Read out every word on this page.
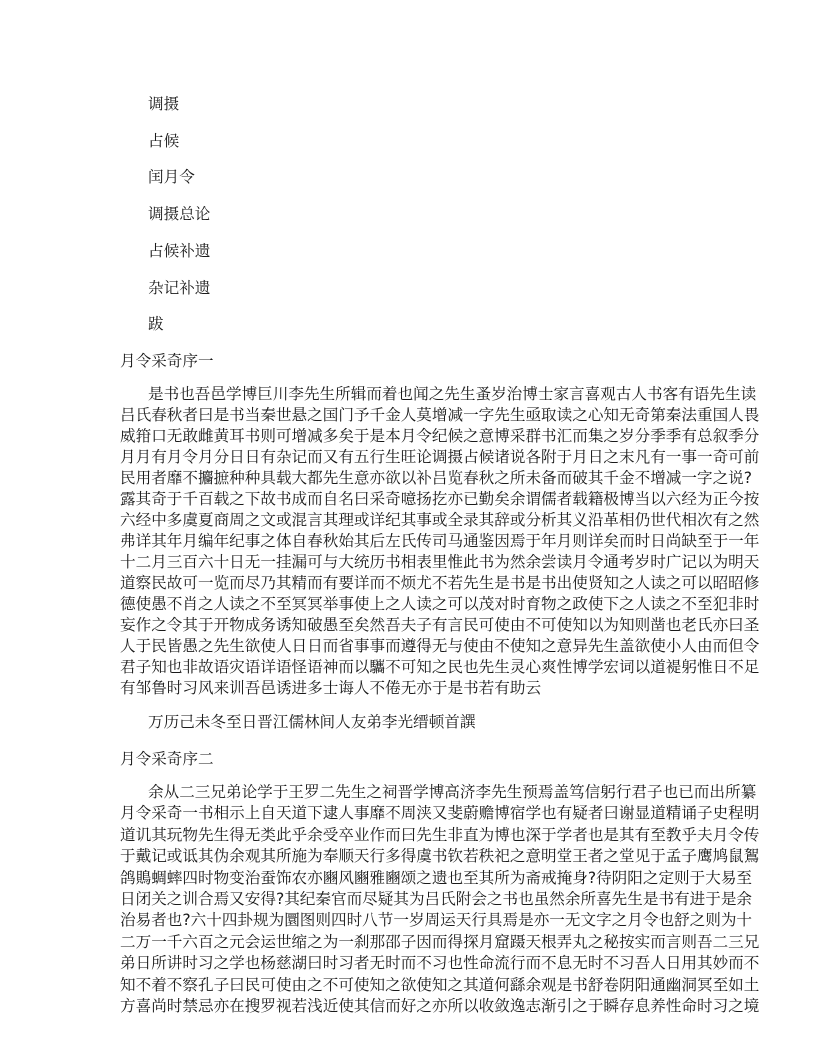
调摄
占候
闰月令
调摄总论
占候补遗
杂记补遗
跋
月令采奇序一
是书也吾邑学博巨川李先生所辑而着也闻之先生蚤岁治博士家言喜观古人书客有语先生读
吕氏春秋者曰是书当秦世悬之国门予千金人莫增减一字先生亟取读之心知无奇第秦法重国人畏
威箝口无敢雌黄耳书则可增减多矣于是本月令纪候之意博采群书汇而集之岁分季季有总叙季分
月月有月令月分日日有杂记而又有五行生旺论调摄占候诸说各附于月日之末凡有一事一奇可前
民用者靡不攟摭种种具载大都先生意亦欲以补吕览春秋之所未备而破其千金不增减一字之说?
露其奇于千百载之下故书成而自名曰采奇噫扬扢亦已勤矣余谓儒者载籍极博当以六经为正今按
六经中多虞夏商周之文或混言其理或详纪其事或全录其辞或分析其义沿革相仍世代相次有之然
弗详其年月编年纪事之体自春秋始其后左氏传司马通鉴因焉于年月则详矣而时日尚缺至于一年
十二月三百六十日无一挂漏可与大统历书相表里惟此书为然余尝读月令通考岁时广记以为明天
道察民故可一览而尽乃其精而有要详而不烦尤不若先生是书是书出使贤知之人读之可以昭昭修
德使愚不肖之人读之不至冥冥举事使上之人读之可以茂对时育物之政使下之人读之不至犯非时
妄作之令其于开物成务诱知破愚至矣然吾夫子有言民可使由不可使知以为知则凿也老氏亦曰圣
人于民皆愚之先生欲使人日日而省事事而遵得无与使由不使知之意异先生盖欲使小人由而但令
君子知也非故语灾语详语怪语神而以驨不可知之民也先生灵心爽性博学宏词以道褆躬惟日不足
有邹鲁时习风来训吾邑诱进多士诲人不倦无亦于是书若有助云
万历己未冬至日晋江儒林间人友弟李光缙顿首譔
月令采奇序二
余从二三兄弟论学于王罗二先生之祠晋学博高济李先生预焉盖笃信躬行君子也已而出所纂
月令采奇一书相示上自天道下逮人事靡不周浃又斐蔚赡博宿学也有疑者曰谢显道精诵子史程明
道讥其玩物先生得无类此乎余受卒业作而曰先生非直为博也深于学者也是其有至教乎夫月令传
于戴记或诋其伪余观其所施为奉顺天行多得虞书钦若秩祀之意明堂王者之堂见于孟子鹰鸠鼠鴽
鸽鵙蜩蟀四时物变治蚕饰农亦豳风豳雅豳颂之遗也至其所为斋戒掩身?待阴阳之定则于大易至
日闭关之训合焉又安得?其纪秦官而尽疑其为吕氏附会之书也虽然余所喜先生是书有进于是余
治易者也?六十四卦规为圜图则四时八节一岁周运天行具焉是亦一无文字之月令也舒之则为十
二万一千六百之元会运世缩之为一刹那邵子因而得探月窟蹑天根弄丸之秘按实而言则吾二三兄
弟日所讲时习之学也杨慈湖曰时习者无时而不习也性命流行而不息无时不习吾人日用其妙而不
知不着不察孔子曰民可使由之不可使知之欲使知之其道何繇余观是书舒卷阴阳通幽洞冥至如土
方喜尚时禁忌亦在搜罗视若浅近使其信而好之亦所以收敛逸志渐引之于瞬存息养性命时习之境
